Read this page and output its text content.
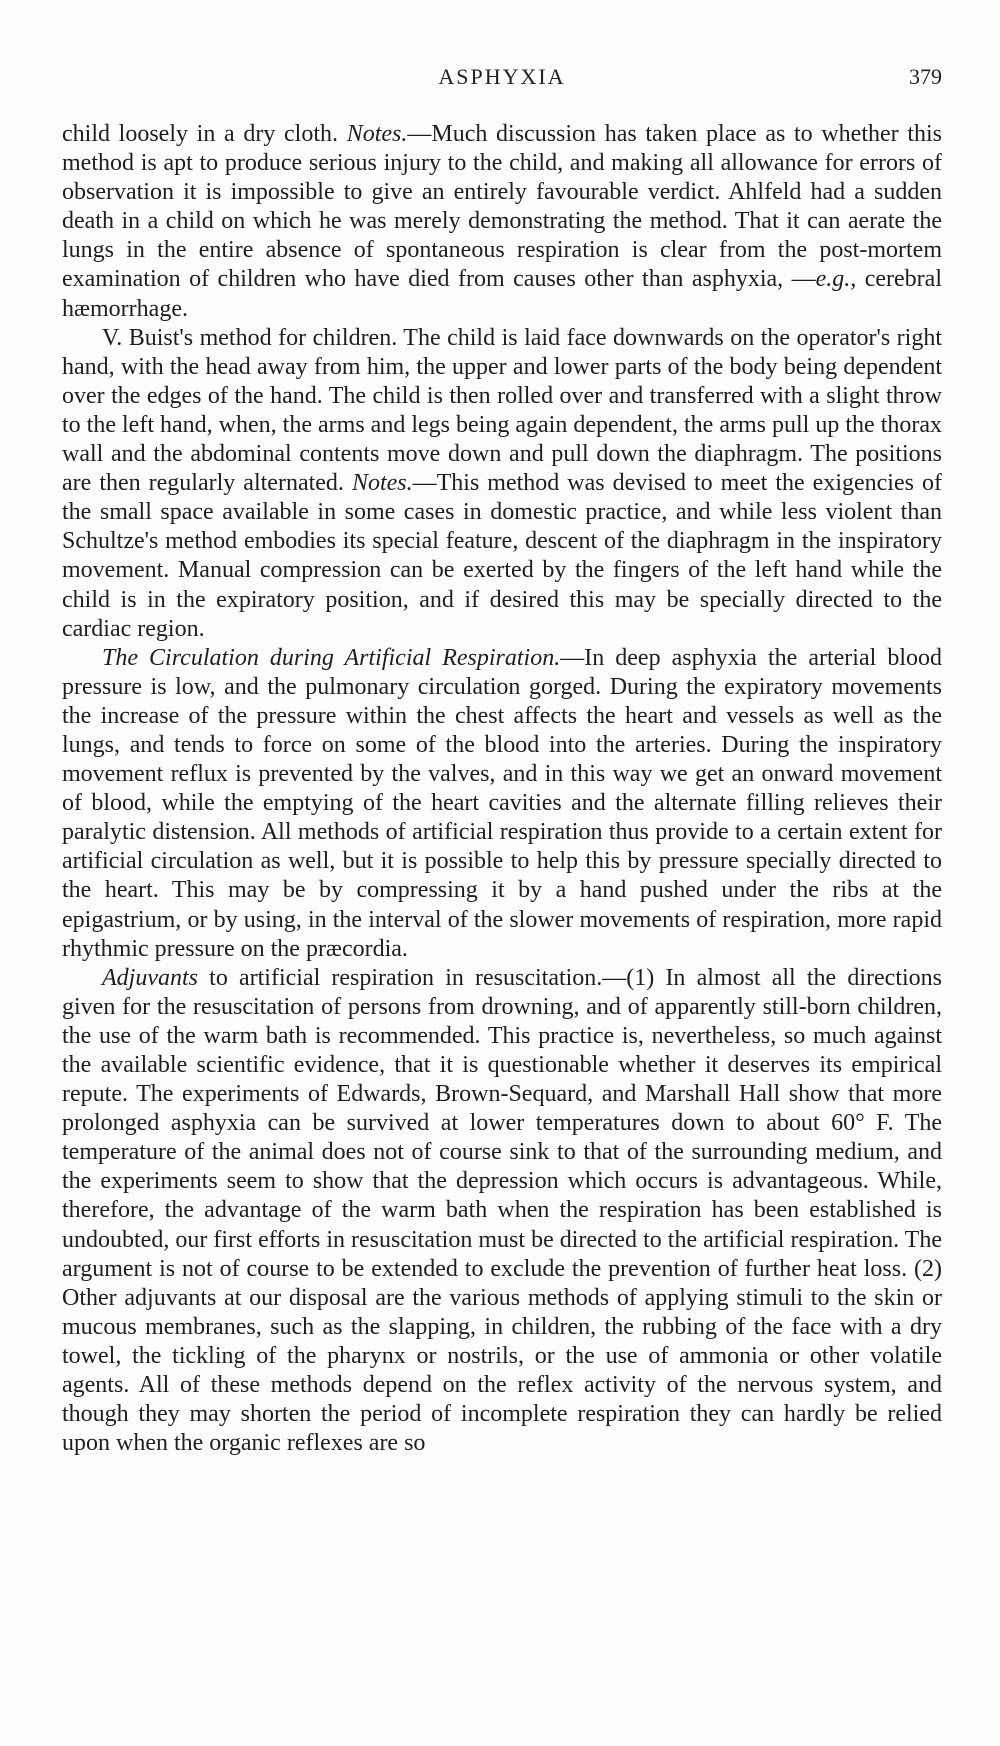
ASPHYXIA	379

child loosely in a dry cloth. Notes.—Much discussion has taken place as to whether this method is apt to produce serious injury to the child, and making all allowance for errors of observation it is impossible to give an entirely favourable verdict. Ahlfeld had a sudden death in a child on which he was merely demonstrating the method. That it can aerate the lungs in the entire absence of spontaneous respiration is clear from the post-mortem examination of children who have died from causes other than asphyxia, —e.g., cerebral hæmorrhage.

V. Buist's method for children. The child is laid face downwards on the operator's right hand, with the head away from him, the upper and lower parts of the body being dependent over the edges of the hand. The child is then rolled over and transferred with a slight throw to the left hand, when, the arms and legs being again dependent, the arms pull up the thorax wall and the abdominal contents move down and pull down the diaphragm. The positions are then regularly alternated. Notes.—This method was devised to meet the exigencies of the small space available in some cases in domestic practice, and while less violent than Schultze's method embodies its special feature, descent of the diaphragm in the inspiratory movement. Manual compression can be exerted by the fingers of the left hand while the child is in the expiratory position, and if desired this may be specially directed to the cardiac region.

The Circulation during Artificial Respiration.—In deep asphyxia the arterial blood pressure is low, and the pulmonary circulation gorged. During the expiratory movements the increase of the pressure within the chest affects the heart and vessels as well as the lungs, and tends to force on some of the blood into the arteries. During the inspiratory movement reflux is prevented by the valves, and in this way we get an onward movement of blood, while the emptying of the heart cavities and the alternate filling relieves their paralytic distension. All methods of artificial respiration thus provide to a certain extent for artificial circulation as well, but it is possible to help this by pressure specially directed to the heart. This may be by compressing it by a hand pushed under the ribs at the epigastrium, or by using, in the interval of the slower movements of respiration, more rapid rhythmic pressure on the præcordia.

Adjuvants to artificial respiration in resuscitation.—(1) In almost all the directions given for the resuscitation of persons from drowning, and of apparently still-born children, the use of the warm bath is recommended. This practice is, nevertheless, so much against the available scientific evidence, that it is questionable whether it deserves its empirical repute. The experiments of Edwards, Brown-Sequard, and Marshall Hall show that more prolonged asphyxia can be survived at lower temperatures down to about 60° F. The temperature of the animal does not of course sink to that of the surrounding medium, and the experiments seem to show that the depression which occurs is advantageous. While, therefore, the advantage of the warm bath when the respiration has been established is undoubted, our first efforts in resuscitation must be directed to the artificial respiration. The argument is not of course to be extended to exclude the prevention of further heat loss. (2) Other adjuvants at our disposal are the various methods of applying stimuli to the skin or mucous membranes, such as the slapping, in children, the rubbing of the face with a dry towel, the tickling of the pharynx or nostrils, or the use of ammonia or other volatile agents. All of these methods depend on the reflex activity of the nervous system, and though they may shorten the period of incomplete respiration they can hardly be relied upon when the organic reflexes are so
